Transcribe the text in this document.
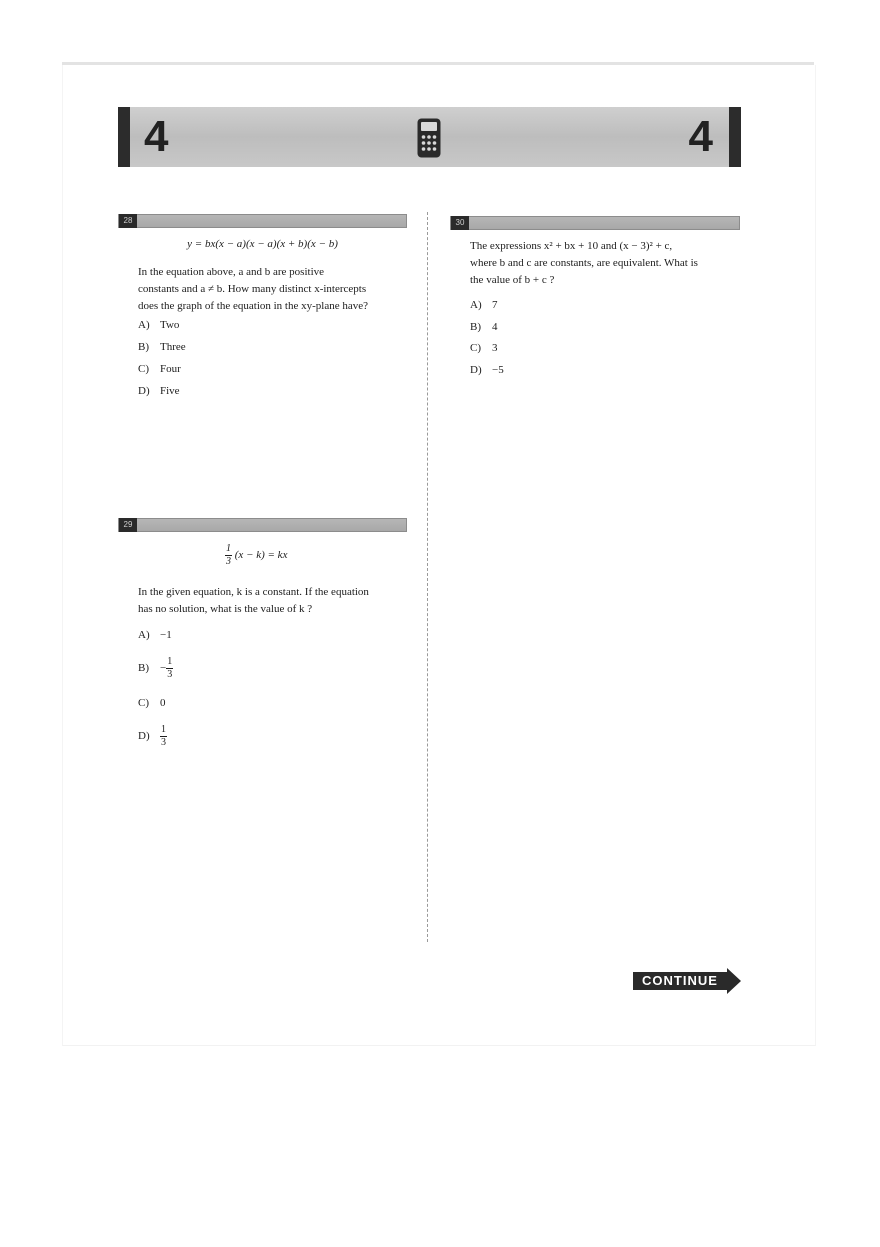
4	4
28
y = bx(x − a)(x − a)(x + b)(x − b)
In the equation above, a and b are positive
constants and a ≠ b. How many distinct x-intercepts
does the graph of the equation in the xy-plane have?
A) Two
B) Three
C) Four
D) Five
29
$\frac{1}{3} (x - k)$ = kx
In the given equation, k is a constant. If the equation
has no solution, what is the value of k ?
A) −1
$B) - \frac{1}{3}$
C) 0
$D) \frac{1}{3}$
30
The expressions x² + bx + 10 and (x − 3)² + c,
where b and c are constants, are equivalent. What is
the value of b + c ?
A) 7
B) 4
C) 3
D) −5
CONTINUE
